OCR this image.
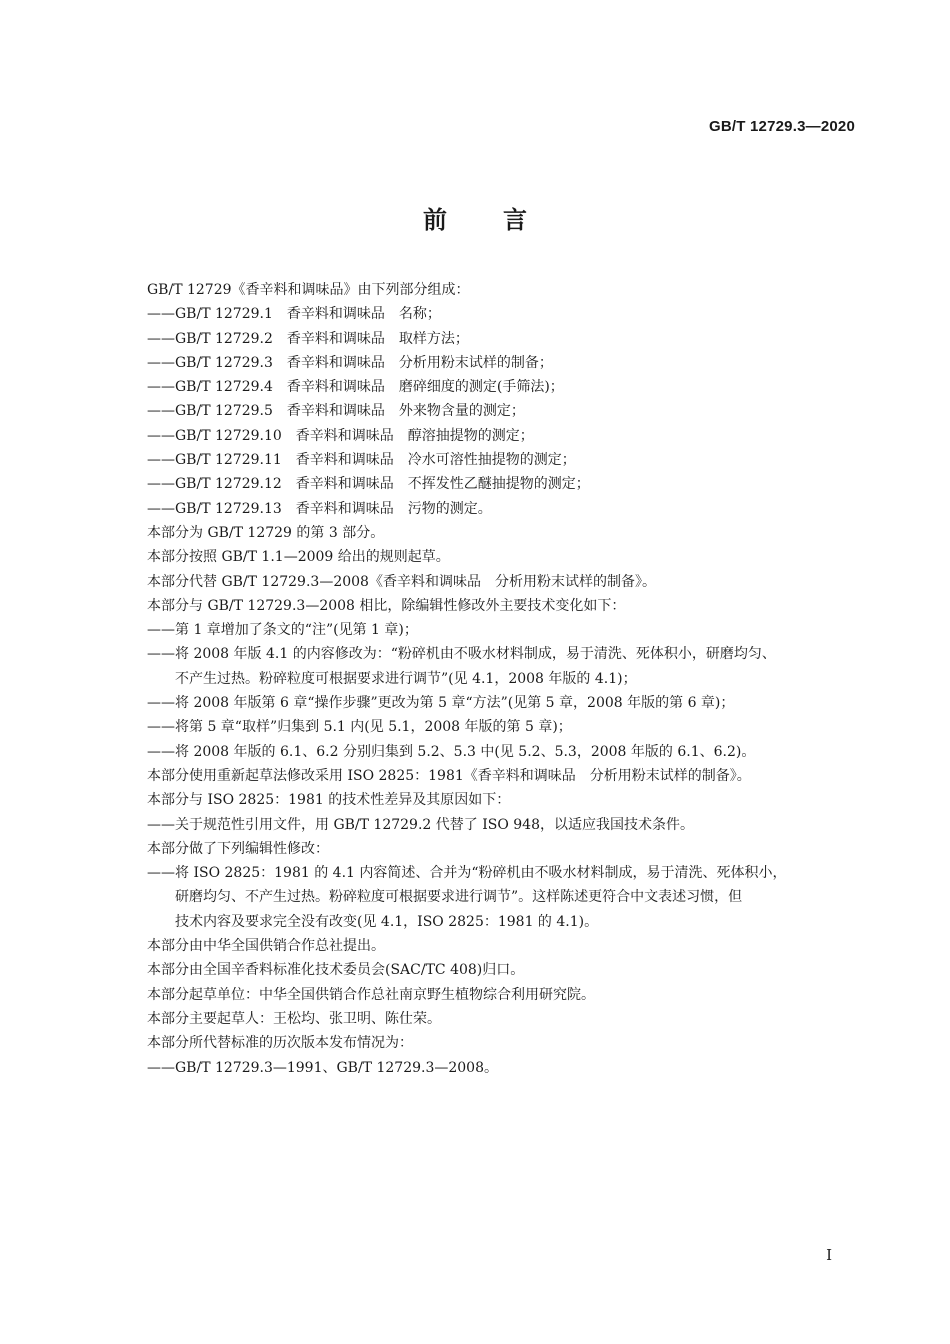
GB/T 12729.3—2020
前言
GB/T 12729《香辛料和调味品》由下列部分组成：
——GB/T 12729.1　香辛料和调味品　名称；
——GB/T 12729.2　香辛料和调味品　取样方法；
——GB/T 12729.3　香辛料和调味品　分析用粉末试样的制备；
——GB/T 12729.4　香辛料和调味品　磨碎细度的测定(手筛法)；
——GB/T 12729.5　香辛料和调味品　外来物含量的测定；
——GB/T 12729.10　香辛料和调味品　醇溶抽提物的测定；
——GB/T 12729.11　香辛料和调味品　冷水可溶性抽提物的测定；
——GB/T 12729.12　香辛料和调味品　不挥发性乙醚抽提物的测定；
——GB/T 12729.13　香辛料和调味品　污物的测定。
本部分为 GB/T 12729 的第 3 部分。
本部分按照 GB/T 1.1—2009 给出的规则起草。
本部分代替 GB/T 12729.3—2008《香辛料和调味品　分析用粉末试样的制备》。
本部分与 GB/T 12729.3—2008 相比，除编辑性修改外主要技术变化如下：
——第 1 章增加了条文的“注”(见第 1 章)；
——将 2008 年版 4.1 的内容修改为：“粉碎机由不吸水材料制成，易于清洗、死体积小，研磨均匀、
不产生过热。粉碎粒度可根据要求进行调节”(见 4.1，2008 年版的 4.1)；
——将 2008 年版第 6 章“操作步骤”更改为第 5 章“方法”(见第 5 章，2008 年版的第 6 章)；
——将第 5 章“取样”归集到 5.1 内(见 5.1，2008 年版的第 5 章)；
——将 2008 年版的 6.1、6.2 分别归集到 5.2、5.3 中(见 5.2、5.3，2008 年版的 6.1、6.2)。
本部分使用重新起草法修改采用 ISO 2825：1981《香辛料和调味品　分析用粉末试样的制备》。
本部分与 ISO 2825：1981 的技术性差异及其原因如下：
——关于规范性引用文件，用 GB/T 12729.2 代替了 ISO 948，以适应我国技术条件。
本部分做了下列编辑性修改：
——将 ISO 2825：1981 的 4.1 内容简述、合并为“粉碎机由不吸水材料制成，易于清洗、死体积小，
研磨均匀、不产生过热。粉碎粒度可根据要求进行调节”。这样陈述更符合中文表述习惯，但
技术内容及要求完全没有改变(见 4.1，ISO 2825：1981 的 4.1)。
本部分由中华全国供销合作总社提出。
本部分由全国辛香料标准化技术委员会(SAC/TC 408)归口。
本部分起草单位：中华全国供销合作总社南京野生植物综合利用研究院。
本部分主要起草人：王松均、张卫明、陈仕荣。
本部分所代替标准的历次版本发布情况为：
——GB/T 12729.3—1991、GB/T 12729.3—2008。
I
